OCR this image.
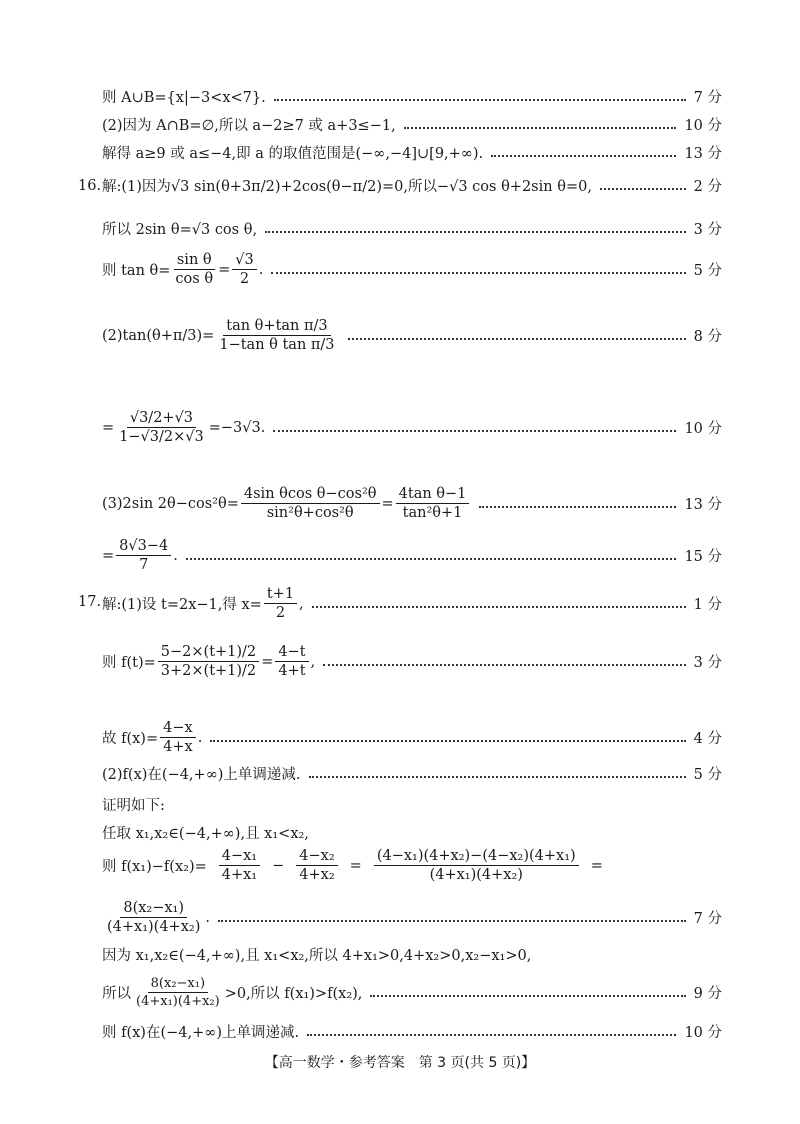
则 A∪B={x|−3<x<7}.	7 分
(2)因为 A∩B=∅,所以 a−2≥7 或 a+3≤−1,	10 分
解得 a≥9 或 a≤−4,即 a 的取值范围是(−∞,−4]∪[9,+∞).	13 分
16. 解:(1)因为√3 sin(θ+3π/2)+2cos(θ−π/2)=0,所以−√3 cos θ+2sin θ=0,	2 分
所以 2sin θ=√3 cos θ,	3 分
则 $\tan \theta= \frac{\text{sin θ}}{\text{cos θ}} = \frac{√3}{2}$ .	5 分
$(2)\tan(\theta+\pi/3)= \frac{\text{tan θ+tan π/3}}{\text{1−tan θ tan π/3}}$	8 分
= $\frac{√3/2+√3}{1-√3/2\times√3} =-3√3$.	10 分
(3)2sin $2\theta-\cos^2\theta= \frac{\text{4sin θcos θ−cos²θ}}{\text{sin²θ+cos²θ}} = \frac{\text{4tan θ−1}}{\text{tan²θ+1}}$	13 分
= $\frac{8√3-4}{7}$ .	15 分
17. 解:(1)设 t=2x−1,得 $x= \frac{t+1}{2}$ ,	1 分
则 $f(t)= \frac{5-2\times(t+1)/2}{3+2\times(t+1)/2} = \frac{4-t}{4+t}$ ,	3 分
故 $f(x)= \frac{4-x}{4+x}$ .	4 分
(2)f(x)在(−4,+∞)上单调递减.	5 分
证明如下:
任取 x₁,x₂∈(−4,+∞),且 x₁<x₂,
则 $f(x_1)-f(x_2)= \frac{\text{4−x₁}}{\text{4+x₁}} - \frac{\text{4−x₂}}{\text{4+x₂}} = \frac{\text{(4−x₁)(4+x₂)−(4−x₂)(4+x₁)}}{\text{(4+x₁)(4+x₂)}}$ =
$\frac{\text{8(x₂−x₁)}}{\text{(4+x₁)(4+x₂)}}$ .	7 分
因为 x₁,x₂∈(−4,+∞),且 x₁<x₂,所以 4+x₁>0,4+x₂>0,x₂−x₁>0,
所以 $\frac{\text{8(x₂−x₁)}}{\text{(4+x₁)(4+x₂)}} >0$,所以 f(x₁)>f(x₂),	9 分
则 f(x)在(−4,+∞)上单调递减.	10 分
【高一数学・参考答案　第 3 页(共 5 页)】
